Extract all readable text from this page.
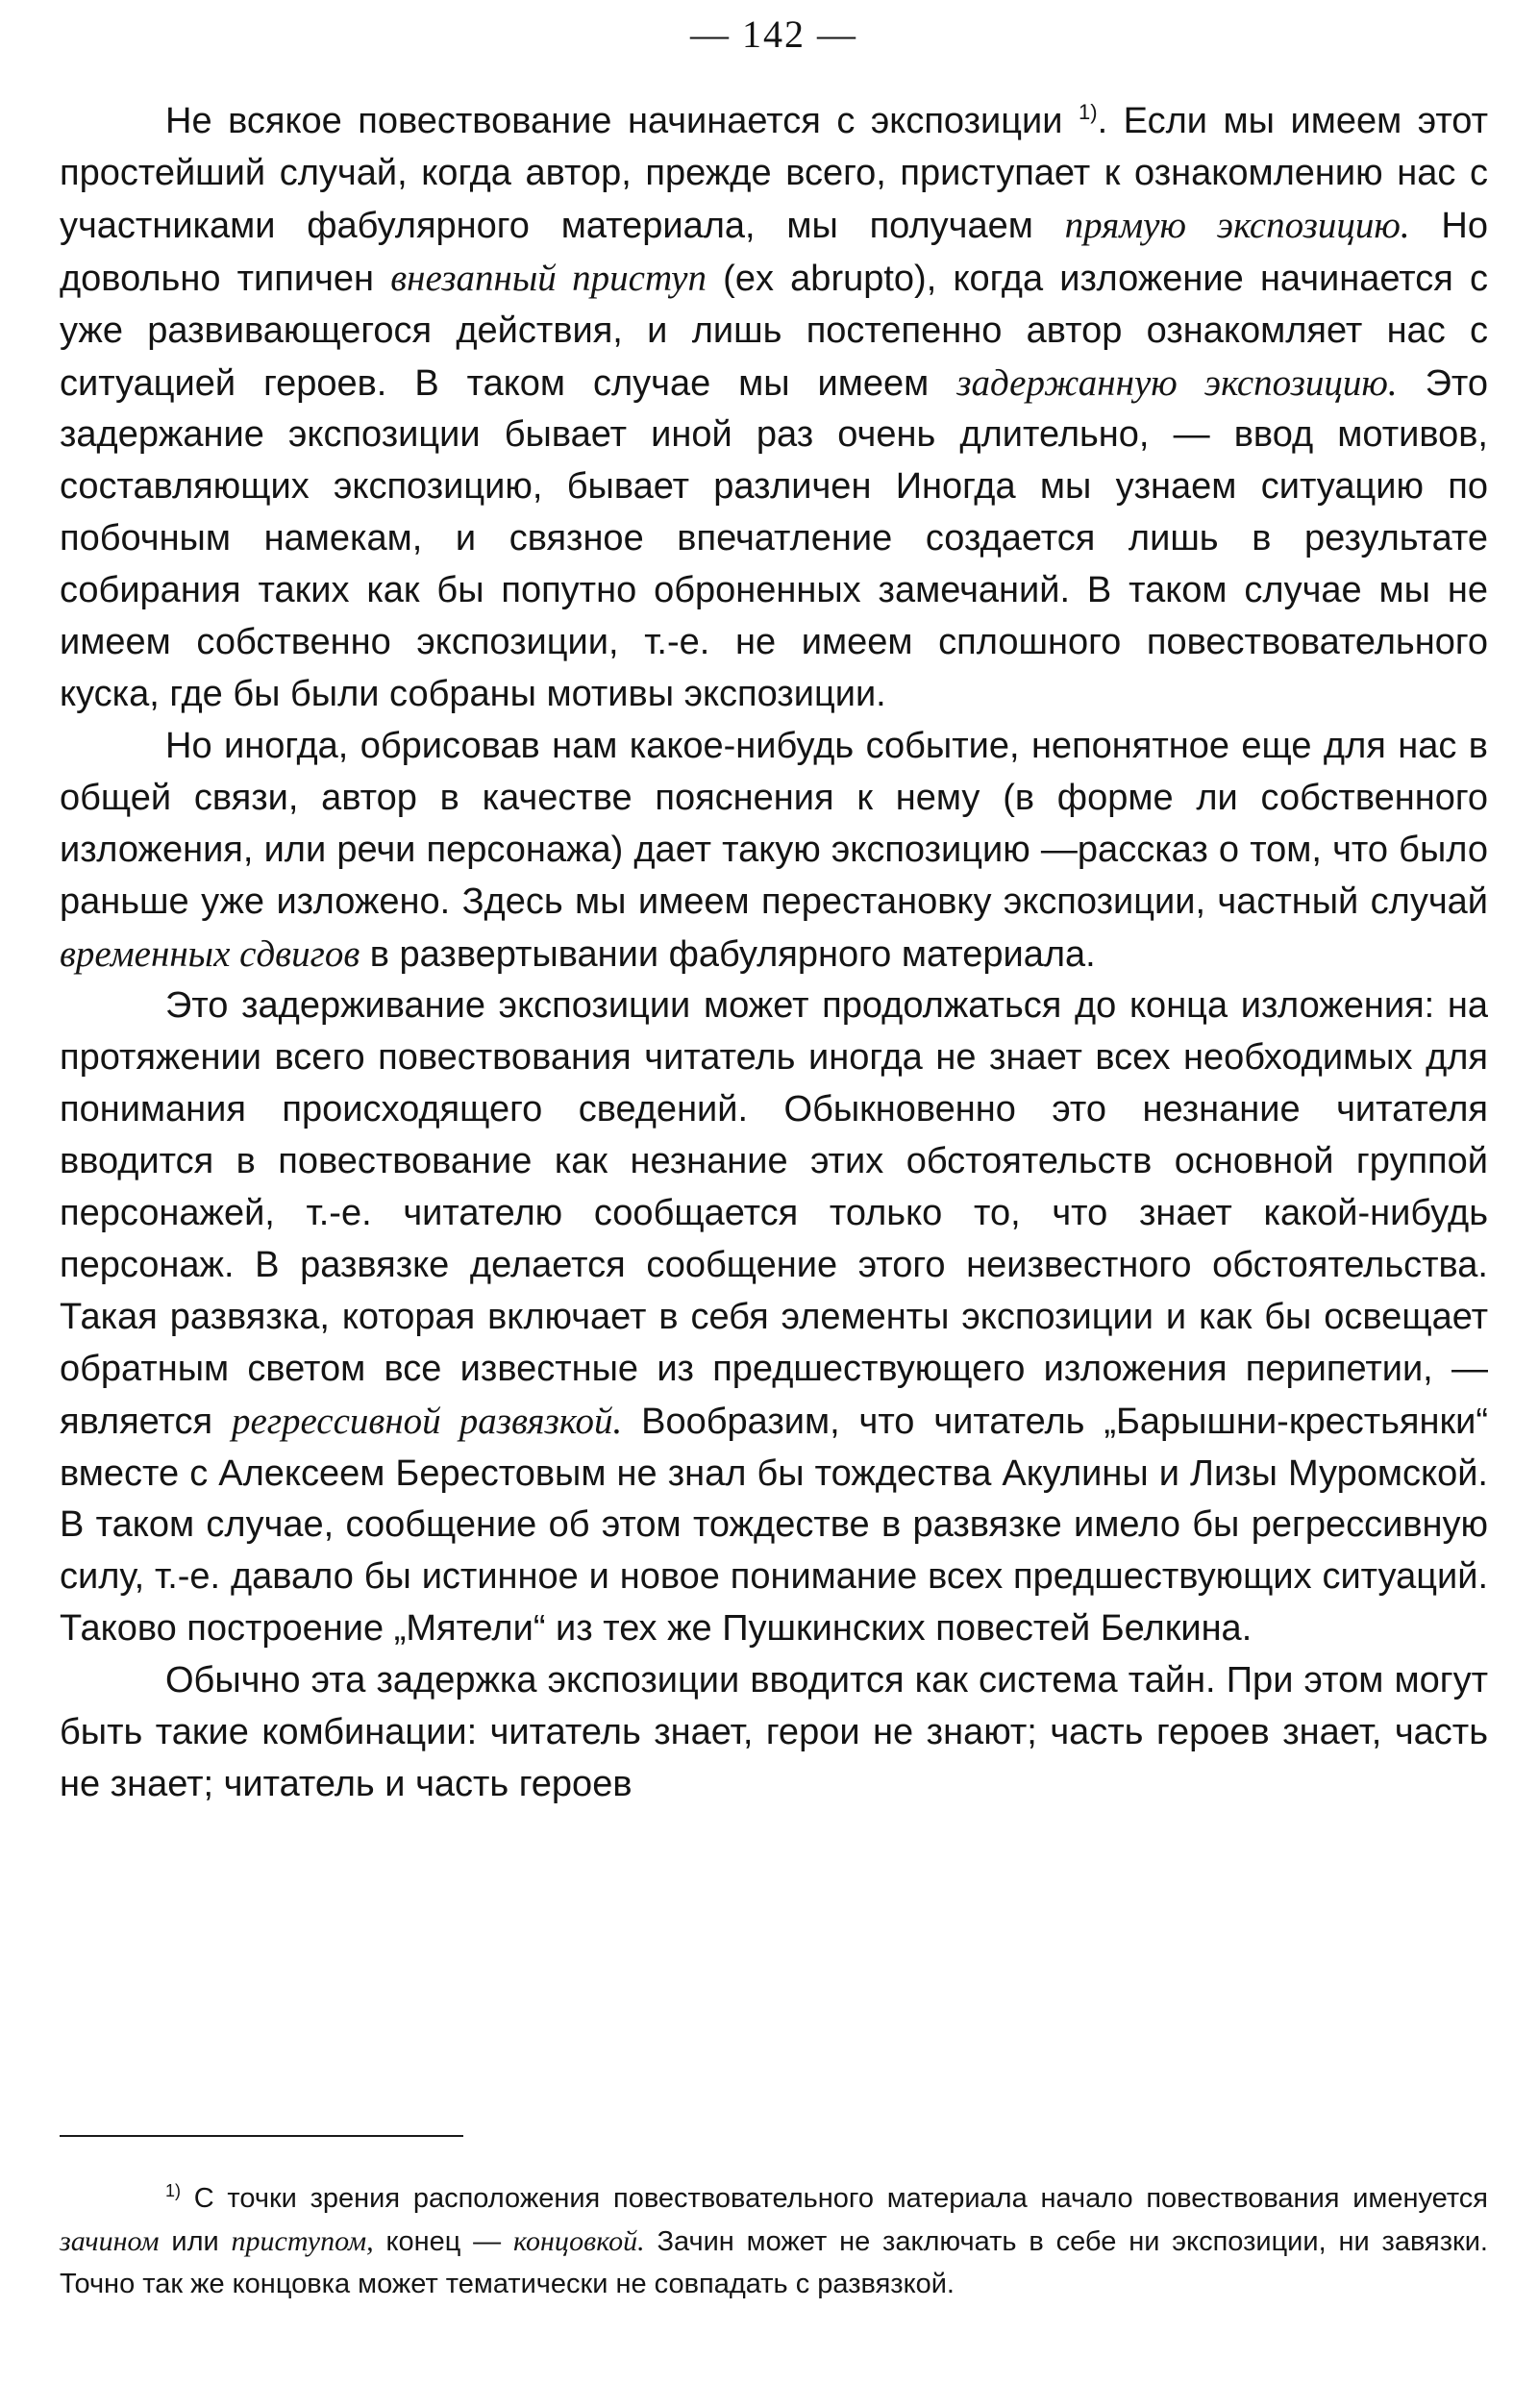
— 142 —

Не всякое повествование начинается с экспозиции $^{1)}$. Если мы имеем этот простейший случай, когда автор, прежде всего, приступает к ознакомлению нас с участниками фабулярного материала, мы получаем прямую экспозицию. Но довольно типичен внезапный приступ (ex abrupto), когда изложение начинается с уже развивающегося действия, и лишь постепенно автор ознакомляет нас с ситуацией героев. В таком случае мы имеем задержанную экспозицию. Это задержание экспозиции бывает иной раз очень длительно, — ввод мотивов, составляющих экспозицию, бывает различен Иногда мы узнаем ситуацию по побочным намекам, и связное впечатление создается лишь в результате собирания таких как бы попутно оброненных замечаний. В таком случае мы не имеем собственно экспозиции, т.-е. не имеем сплошного повествовательного куска, где бы были собраны мотивы экспозиции.

Но иногда, обрисовав нам какое-нибудь событие, непонятное еще для нас в общей связи, автор в качестве пояснения к нему (в форме ли собственного изложения, или речи персонажа) дает такую экспозицию —рассказ о том, что было раньше уже изложено. Здесь мы имеем перестановку экспозиции, частный случай временных сдвигов в развертывании фабулярного материала.

Это задерживание экспозиции может продолжаться до конца изложения: на протяжении всего повествования читатель иногда не знает всех необходимых для понимания происходящего сведений. Обыкновенно это незнание читателя вводится в повествование как незнание этих обстоятельств основной группой персонажей, т.-е. читателю сообщается только то, что знает какой-нибудь персонаж. В развязке делается сообщение этого неизвестного обстоятельства. Такая развязка, которая включает в себя элементы экспозиции и как бы освещает обратным светом все известные из предшествующего изложения перипетии, — является регрессивной развязкой. Вообразим, что читатель „Барышни-крестьянки“ вместе с Алексеем Берестовым не знал бы тождества Акулины и Лизы Муромской. В таком случае, сообщение об этом тождестве в развязке имело бы регрессивную силу, т.-е. давало бы истинное и новое понимание всех предшествующих ситуаций. Таково построение „Мятели“ из тех же Пушкинских повестей Белкина.

Обычно эта задержка экспозиции вводится как система тайн. При этом могут быть такие комбинации: читатель знает, герои не знают; часть героев знает, часть не знает; читатель и часть героев

$^{1)}$ С точки зрения расположения повествовательного материала начало повествования именуется зачином или приступом, конец — концовкой. Зачин может не заключать в себе ни экспозиции, ни завязки. Точно так же концовка может тематически не совпадать с развязкой.
